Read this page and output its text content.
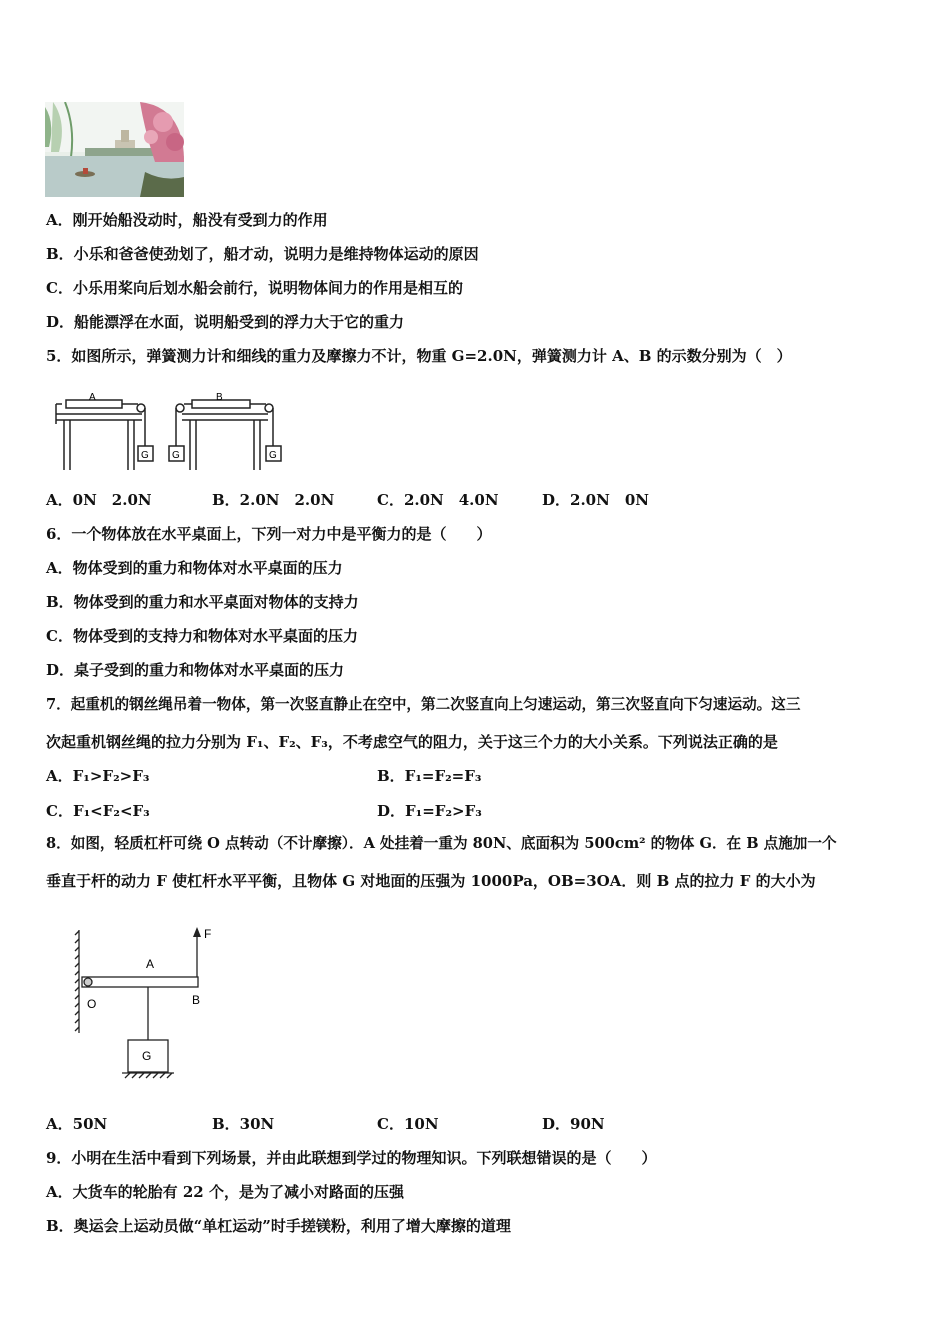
A．刚开始船没动时，船没有受到力的作用
B．小乐和爸爸使劲划了，船才动，说明力是维持物体运动的原因
C．小乐用桨向后划水船会前行，说明物体间力的作用是相互的
D．船能漂浮在水面，说明船受到的浮力大于它的重力
5．如图所示，弹簧测力计和细线的重力及摩擦力不计，物重 G=2.0N，弹簧测力计 A、B 的示数分别为（　）
A	B
G G	G
A．0N　2.0N	B．2.0N　2.0N	C．2.0N　4.0N	D．2.0N　0N
6．一个物体放在水平桌面上，下列一对力中是平衡力的是（　　）
A．物体受到的重力和物体对水平桌面的压力
B．物体受到的重力和水平桌面对物体的支持力
C．物体受到的支持力和物体对水平桌面的压力
D．桌子受到的重力和物体对水平桌面的压力
7．起重机的钢丝绳吊着一物体，第一次竖直静止在空中，第二次竖直向上匀速运动，第三次竖直向下匀速运动。这三
次起重机钢丝绳的拉力分别为 F₁、F₂、F₃，不考虑空气的阻力，关于这三个力的大小关系。下列说法正确的是
A．F₁>F₂>F₃	B．F₁=F₂=F₃
C．F₁<F₂<F₃	D．F₁=F₂>F₃
8．如图，轻质杠杆可绕 O 点转动（不计摩擦）．A 处挂着一重为 80N、底面积为 500cm² 的物体 G．在 B 点施加一个
垂直于杆的动力 F 使杠杆水平平衡，且物体 G 对地面的压强为 1000Pa，OB=3OA．则 B 点的拉力 F 的大小为
F
A
O	B
G
A．50N	B．30N	C．10N	D．90N
9．小明在生活中看到下列场景，并由此联想到学过的物理知识。下列联想错误的是（　　）
A．大货车的轮胎有 22 个，是为了减小对路面的压强
B．奥运会上运动员做“单杠运动”时手搓镁粉，利用了增大摩擦的道理
